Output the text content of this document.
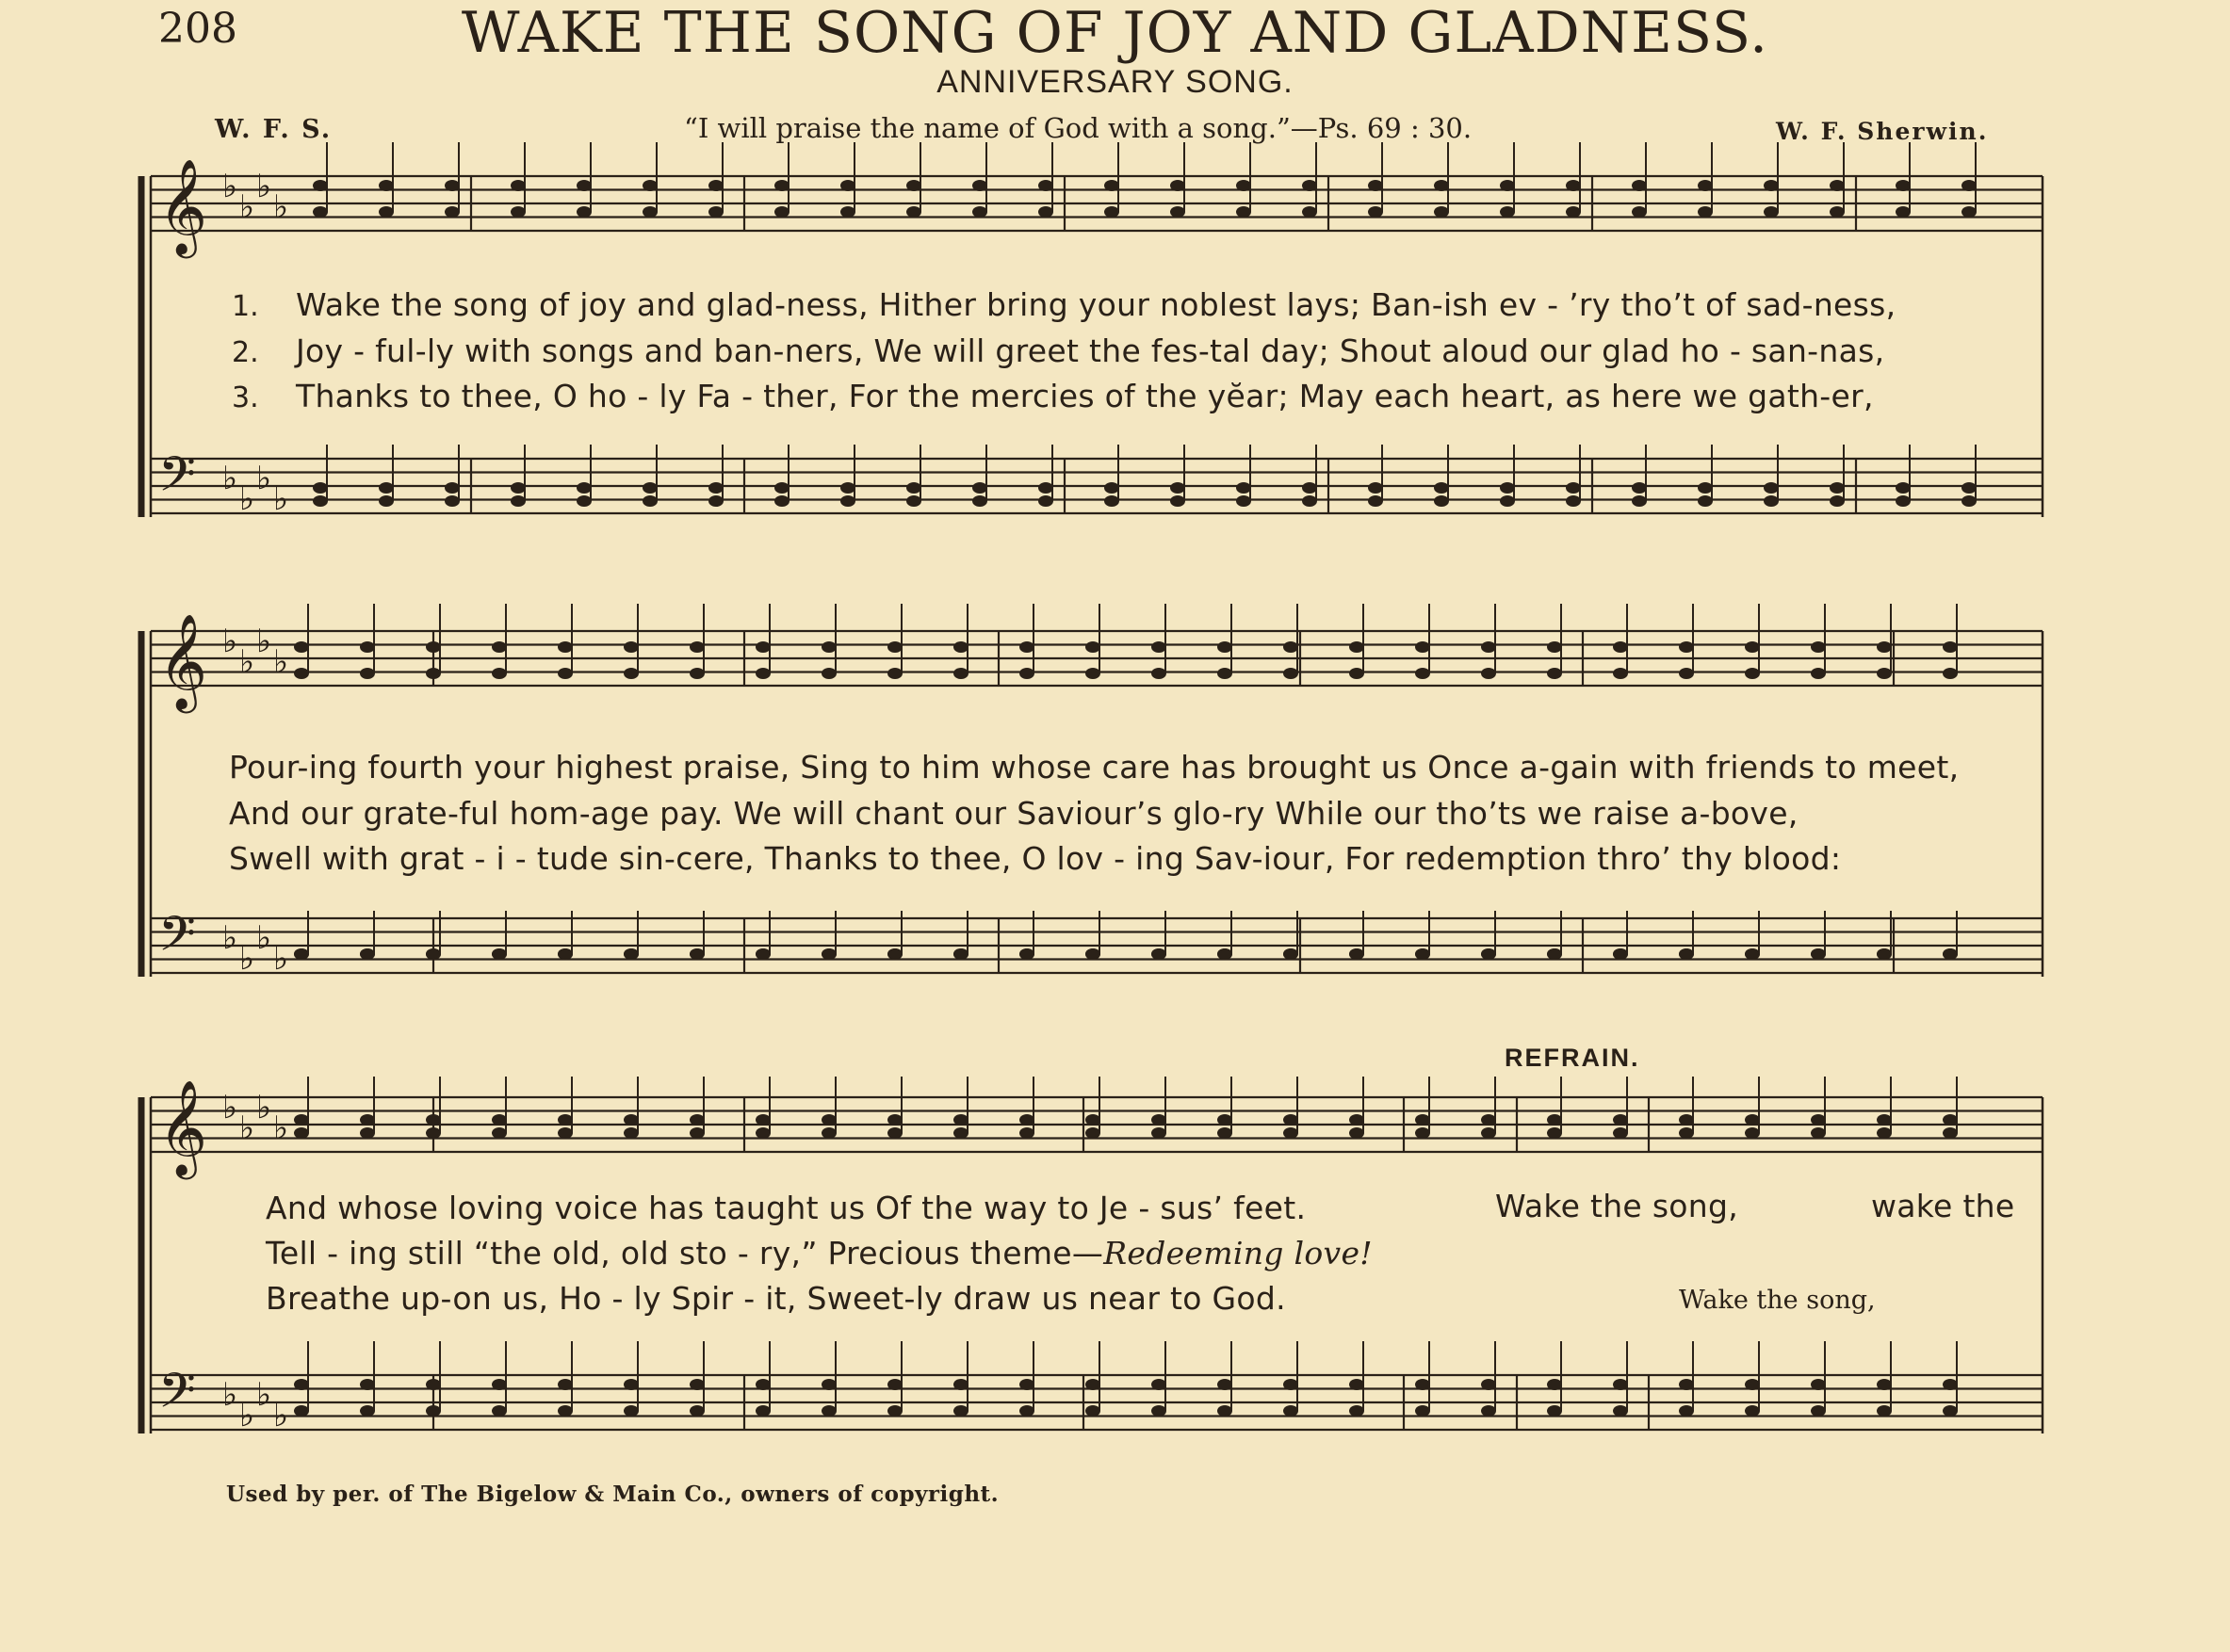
208	WAKE THE SONG OF JOY AND GLADNESS.
ANNIVERSARY SONG.
W. F. S.	“I will praise the name of God with a song.”—Ps. 69 : 30.	W. F. Sherwin.
𝄞 ♭
♭
♭
♭
𝄢 ♭
♭
♭
♭
𝄞 ♭
♭
♭
♭
𝄢 ♭
♭
♭
♭
𝄞 ♭
♭
♭
♭
𝄢 ♭
♭
♭
♭
1. Wake the song of joy and glad-ness, Hither bring your noblest lays; Ban-ish ev - ’ry tho’t of sad-ness,
2. Joy - ful-ly with songs and ban-ners, We will greet the fes-tal day; Shout aloud our glad ho - san-nas,
3. Thanks to thee, O ho - ly Fa - ther, For the mercies of the yĕar; May each heart, as here we gath-er,
Pour-ing fourth your highest praise, Sing to him whose care has brought us Once a-gain with friends to meet,
And our grate-ful hom-age pay. We will chant our Saviour’s glo-ry While our tho’ts we raise a-bove,
Swell with grat - i - tude sin-cere, Thanks to thee, O lov - ing Sav-iour, For redemption thro’ thy blood:
REFRAIN.
And whose loving voice has taught us Of the way to Je - sus’ feet.	Wake the song,	wake the
Tell - ing still “the old, old sto - ry,” Precious theme—Redeeming love!
Breathe up-on us, Ho - ly Spir - it, Sweet-ly draw us near to God.	Wake the song,
Used by per. of The Bigelow & Main Co., owners of copyright.
